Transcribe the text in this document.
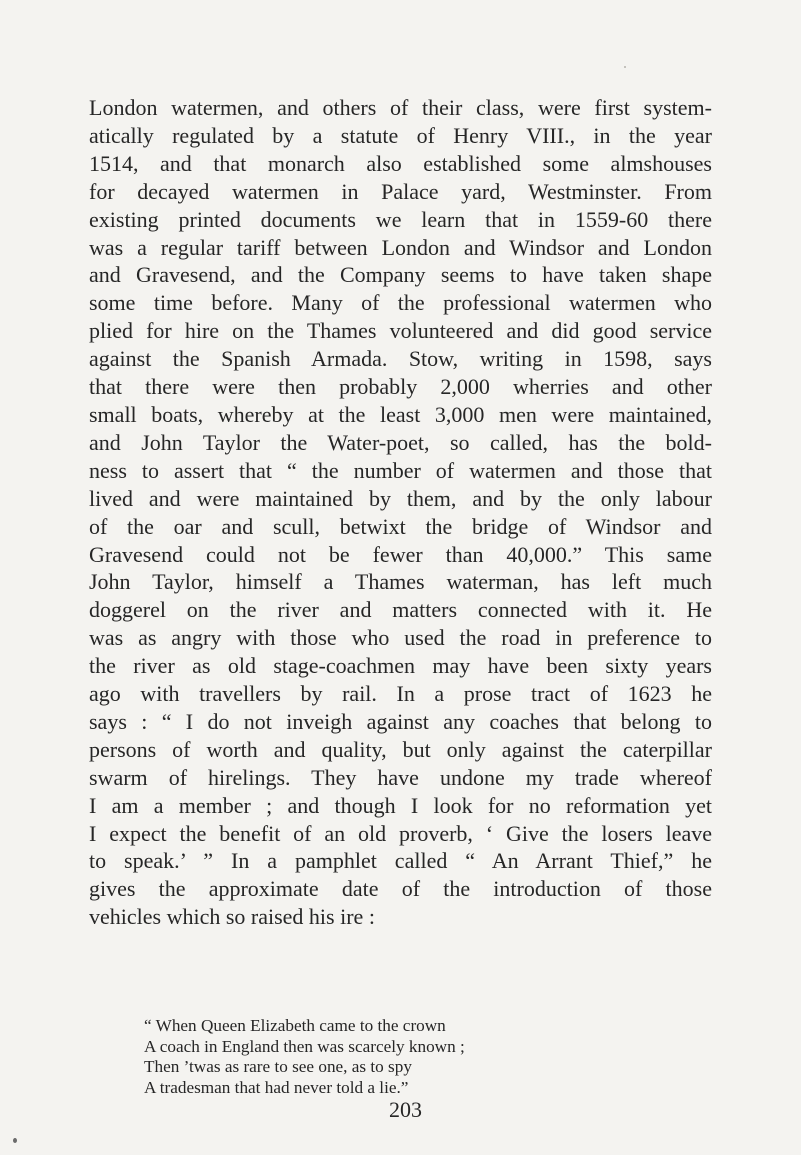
London watermen, and others of their class, were first system-
atically regulated by a statute of Henry VIII., in the year
1514, and that monarch also established some almshouses
for decayed watermen in Palace yard, Westminster. From
existing printed documents we learn that in 1559-60 there
was a regular tariff between London and Windsor and London
and Gravesend, and the Company seems to have taken shape
some time before. Many of the professional watermen who
plied for hire on the Thames volunteered and did good service
against the Spanish Armada. Stow, writing in 1598, says
that there were then probably 2,000 wherries and other
small boats, whereby at the least 3,000 men were maintained,
and John Taylor the Water-poet, so called, has the bold-
ness to assert that “ the number of watermen and those that
lived and were maintained by them, and by the only labour
of the oar and scull, betwixt the bridge of Windsor and
Gravesend could not be fewer than 40,000.” This same
John Taylor, himself a Thames waterman, has left much
doggerel on the river and matters connected with it. He
was as angry with those who used the road in preference to
the river as old stage-coachmen may have been sixty years
ago with travellers by rail. In a prose tract of 1623 he
says : “ I do not inveigh against any coaches that belong to
persons of worth and quality, but only against the caterpillar
swarm of hirelings. They have undone my trade whereof
I am a member ; and though I look for no reformation yet
I expect the benefit of an old proverb, ‘ Give the losers leave
to speak.’ ” In a pamphlet called “ An Arrant Thief,” he
gives the approximate date of the introduction of those
vehicles which so raised his ire :
“ When Queen Elizabeth came to the crown
A coach in England then was scarcely known ;
Then ’twas as rare to see one, as to spy
A tradesman that had never told a lie.”
203
